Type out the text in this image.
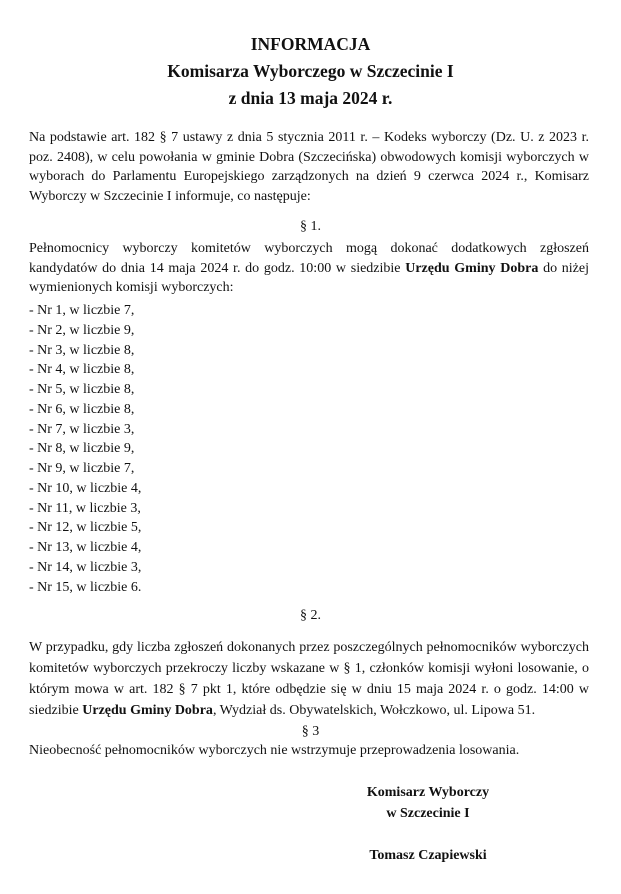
INFORMACJA
Komisarza Wyborczego w Szczecinie I
z dnia 13 maja 2024 r.
Na podstawie art. 182 § 7 ustawy z dnia 5 stycznia 2011 r. – Kodeks wyborczy (Dz. U. z 2023 r. poz. 2408), w celu powołania w gminie Dobra (Szczecińska) obwodowych komisji wyborczych w wyborach do Parlamentu Europejskiego zarządzonych na dzień 9 czerwca 2024 r., Komisarz Wyborczy w Szczecinie I informuje, co następuje:
§ 1.
Pełnomocnicy wyborczy komitetów wyborczych mogą dokonać dodatkowych zgłoszeń kandydatów do dnia 14 maja 2024 r. do godz. 10:00 w siedzibie Urzędu Gminy Dobra do niżej wymienionych komisji wyborczych:
- Nr 1, w liczbie 7,
- Nr 2, w liczbie 9,
- Nr 3, w liczbie 8,
- Nr 4, w liczbie 8,
- Nr 5, w liczbie 8,
- Nr 6, w liczbie 8,
- Nr 7, w liczbie 3,
- Nr 8, w liczbie 9,
- Nr 9, w liczbie 7,
- Nr 10, w liczbie 4,
- Nr 11, w liczbie 3,
- Nr 12, w liczbie 5,
- Nr 13, w liczbie 4,
- Nr 14, w liczbie 3,
- Nr 15, w liczbie 6.
§ 2.
W przypadku, gdy liczba zgłoszeń dokonanych przez poszczególnych pełnomocników wyborczych komitetów wyborczych przekroczy liczby wskazane w § 1, członków komisji wyłoni losowanie, o którym mowa w art. 182 § 7 pkt 1, które odbędzie się w dniu 15 maja 2024 r. o godz. 14:00 w siedzibie Urzędu Gminy Dobra, Wydział ds. Obywatelskich, Wołczkowo, ul. Lipowa 51.
§ 3
Nieobecność pełnomocników wyborczych nie wstrzymuje przeprowadzenia losowania.
Komisarz Wyborczy
w Szczecinie I
Tomasz Czapiewski
